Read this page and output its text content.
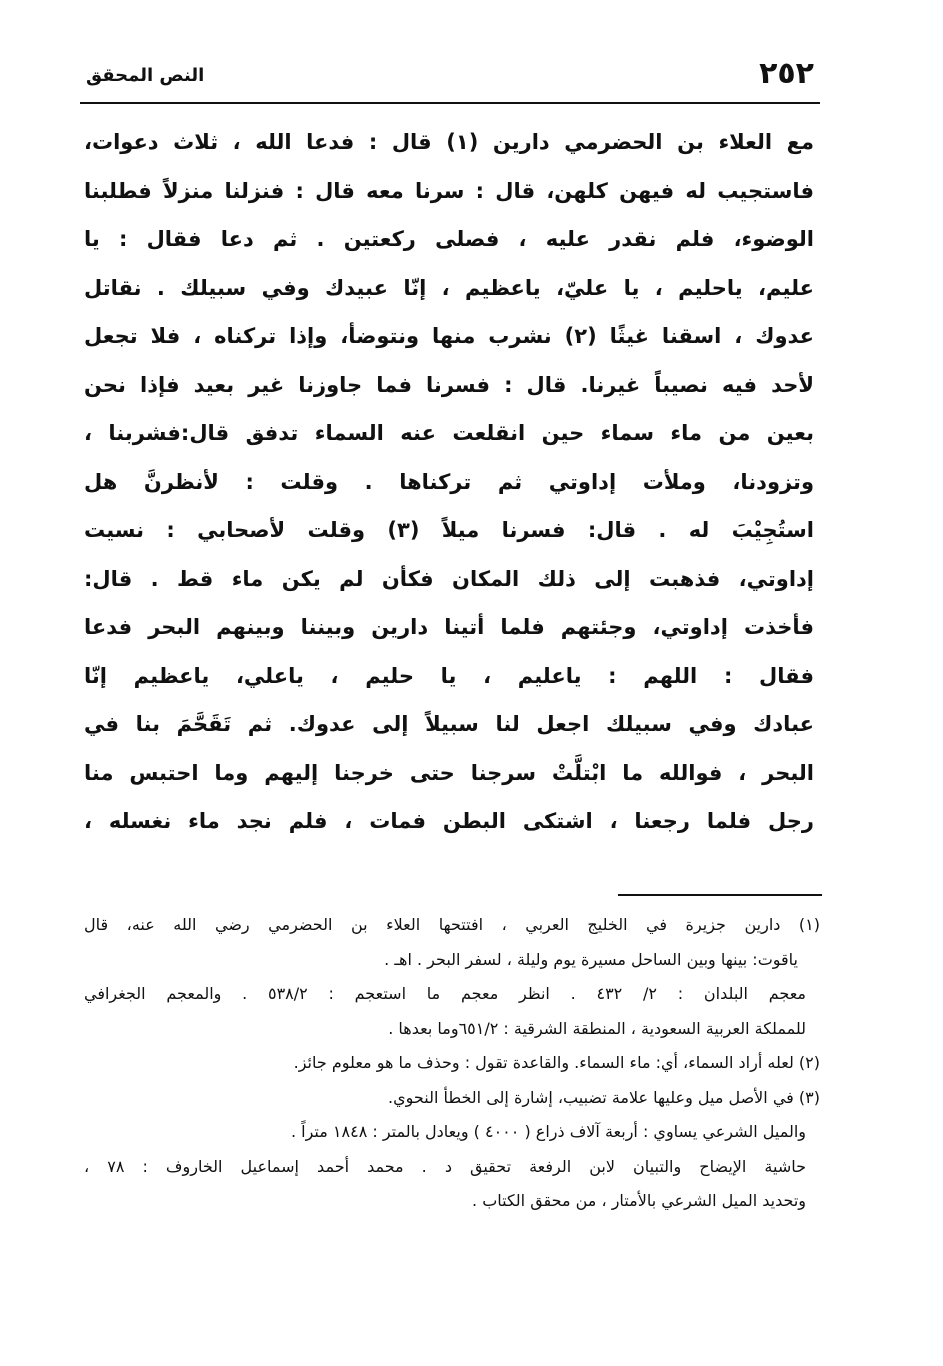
٢٥٢
النص المحقق
مع العلاء بن الحضرمي دارين (١) قال : فدعا الله ، ثلاث دعوات،
فاستجيب له فيهن كلهن، قال : سرنا معه قال : فنزلنا منزلاً فطلبنا
الوضوء، فلم نقدر عليه ، فصلى ركعتين . ثم دعا فقال : يا
عليم، ياحليم ، يا عليّ، ياعظيم ، إنّا عبيدك وفي سبيلك . نقاتل
عدوك ، اسقنا غيثًا (٢) نشرب منها ونتوضأ، وإذا تركناه ، فلا تجعل
لأحد فيه نصيباً غيرنا. قال : فسرنا فما جاوزنا غير بعيد فإذا نحن
بعين من ماء سماء حين انقلعت عنه السماء تدفق قال:فشربنا ،
وتزودنا، وملأت إداوتي ثم تركناها . وقلت : لأنظرنَّ هل
استُجِيْبَ له . قال: فسرنا ميلاً (٣) وقلت لأصحابي : نسيت
إداوتي، فذهبت إلى ذلك المكان فكأن لم يكن ماء قط . قال:
فأخذت إداوتي، وجئتهم فلما أتينا دارين وبيننا وبينهم البحر فدعا
فقال : اللهم : ياعليم ، يا حليم ، ياعلي، ياعظيم إنّا
عبادك وفي سبيلك اجعل لنا سبيلاً إلى عدوك. ثم تَقَحَّمَ بنا في
البحر ، فوالله ما ابْتلَّتْ سرجنا حتى خرجنا إليهم وما احتبس منا
رجل فلما رجعنا ، اشتكى البطن فمات ، فلم نجد ماء نغسله ،
(١) دارين جزيرة في الخليج العربي ، افتتحها العلاء بن الحضرمي رضي الله عنه، قال
ياقوت: بينها وبين الساحل مسيرة يوم وليلة ، لسفر البحر . اهـ .
معجم البلدان : ٢/ ٤٣٢ . انظر معجم ما استعجم : ٥٣٨/٢ . والمعجم الجغرافي
للمملكة العربية السعودية ، المنطقة الشرقية : ٦٥١/٢وما بعدها .
(٢) لعله أراد السماء، أي: ماء السماء. والقاعدة تقول : وحذف ما هو معلوم جائز.
(٣) في الأصل ميل وعليها علامة تضبيب، إشارة إلى الخطأ النحوي.
والميل الشرعي يساوي : أربعة آلاف ذراع ( ٤٠٠٠ ) ويعادل بالمتر : ١٨٤٨ متراً .
حاشية الإيضاح والتبيان لابن الرفعة تحقيق د . محمد أحمد إسماعيل الخاروف : ٧٨ ،
وتحديد الميل الشرعي بالأمتار ، من محقق الكتاب .
